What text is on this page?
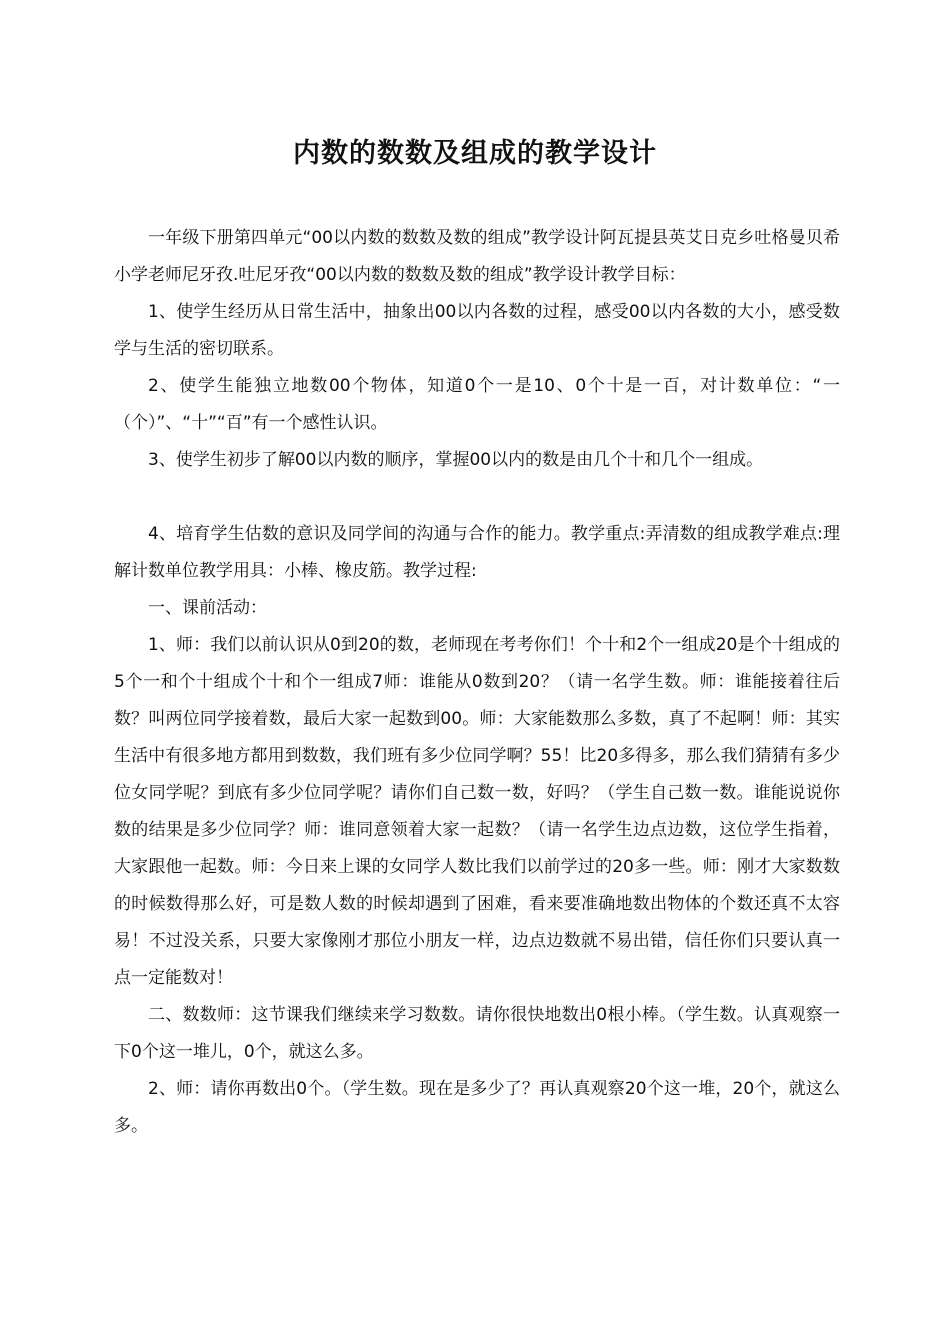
内数的数数及组成的教学设计

一年级下册第四单元“00以内数的数数及数的组成”教学设计阿瓦提县英艾日克乡吐格曼贝希小学老师尼牙孜.吐尼牙孜“00以内数的数数及数的组成”教学设计教学目标：

1、使学生经历从日常生活中，抽象出00以内各数的过程，感受00以内各数的大小，感受数学与生活的密切联系。

2、使学生能独立地数00个物体，知道0个一是10、0个十是一百，对计数单位：“一（个）”、“十”“百”有一个感性认识。

3、使学生初步了解00以内数的顺序，掌握00以内的数是由几个十和几个一组成。

4、培育学生估数的意识及同学间的沟通与合作的能力。教学重点:弄清数的组成教学难点:理解计数单位教学用具：小棒、橡皮筋。教学过程:

一、课前活动：

1、师：我们以前认识从0到20的数，老师现在考考你们！个十和2个一组成20是个十组成的5个一和个十组成个十和个一组成7师：谁能从0数到20？（请一名学生数。师：谁能接着往后数？叫两位同学接着数，最后大家一起数到00。师：大家能数那么多数，真了不起啊！师：其实生活中有很多地方都用到数数，我们班有多少位同学啊？55！比20多得多，那么我们猜猜有多少位女同学呢？到底有多少位同学呢？请你们自己数一数，好吗？（学生自己数一数。谁能说说你数的结果是多少位同学？师：谁同意领着大家一起数？（请一名学生边点边数，这位学生指着，大家跟他一起数。师：今日来上课的女同学人数比我们以前学过的20多一些。师：刚才大家数数的时候数得那么好，可是数人数的时候却遇到了困难，看来要准确地数出物体的个数还真不太容易！不过没关系，只要大家像刚才那位小朋友一样，边点边数就不易出错，信任你们只要认真一点一定能数对！

二、数数师：这节课我们继续来学习数数。请你很快地数出0根小棒。（学生数。认真观察一下0个这一堆儿，0个，就这么多。

2、师：请你再数出0个。（学生数。现在是多少了？再认真观察20个这一堆，20个，就这么多。
